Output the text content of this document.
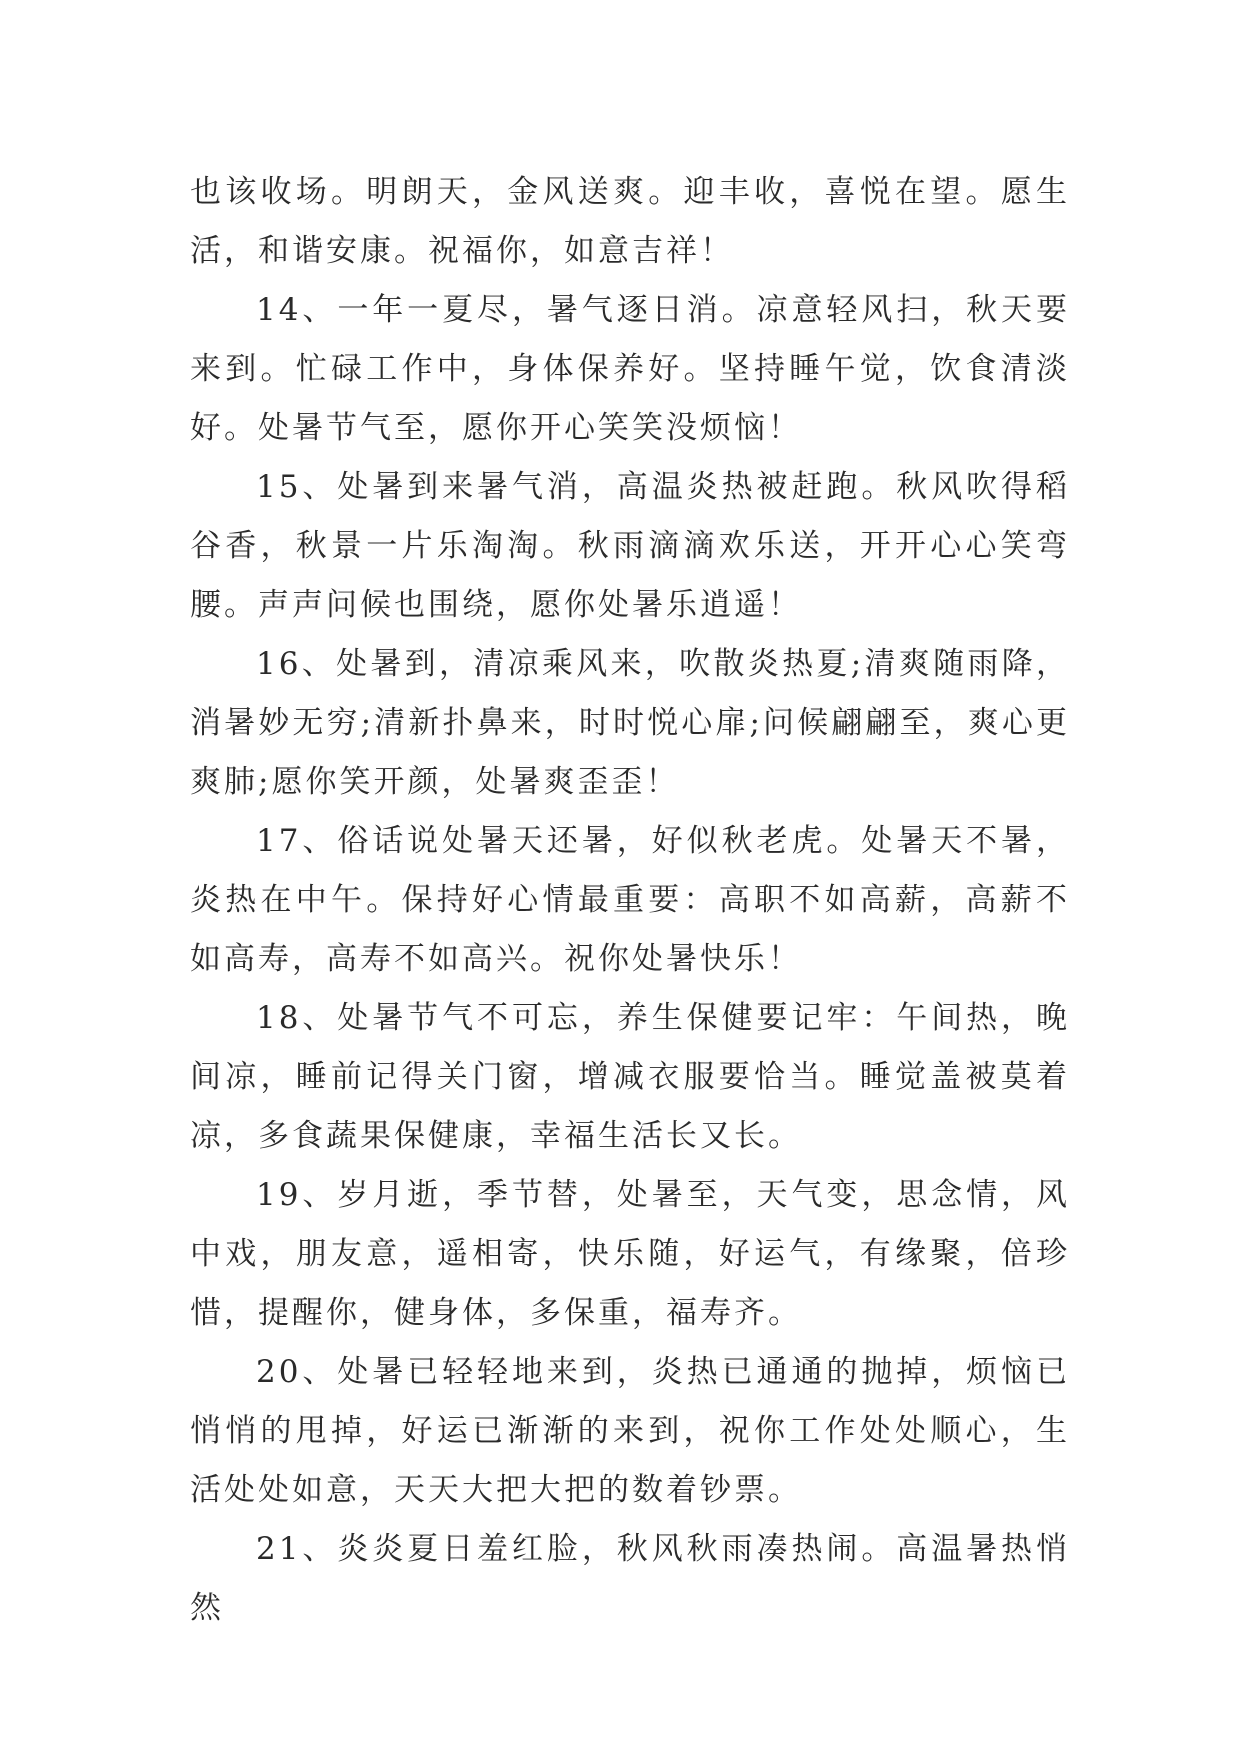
也该收场。明朗天，金风送爽。迎丰收，喜悦在望。愿生活，和谐安康。祝福你，如意吉祥！

14、一年一夏尽，暑气逐日消。凉意轻风扫，秋天要来到。忙碌工作中，身体保养好。坚持睡午觉，饮食清淡好。处暑节气至，愿你开心笑笑没烦恼！

15、处暑到来暑气消，高温炎热被赶跑。秋风吹得稻谷香，秋景一片乐淘淘。秋雨滴滴欢乐送，开开心心笑弯腰。声声问候也围绕，愿你处暑乐逍遥！

16、处暑到，清凉乘风来，吹散炎热夏;清爽随雨降，消暑妙无穷;清新扑鼻来，时时悦心扉;问候翩翩至，爽心更爽肺;愿你笑开颜，处暑爽歪歪！

17、俗话说处暑天还暑，好似秋老虎。处暑天不暑，炎热在中午。保持好心情最重要：高职不如高薪，高薪不如高寿，高寿不如高兴。祝你处暑快乐！

18、处暑节气不可忘，养生保健要记牢：午间热，晚间凉，睡前记得关门窗，增减衣服要恰当。睡觉盖被莫着凉，多食蔬果保健康，幸福生活长又长。

19、岁月逝，季节替，处暑至，天气变，思念情，风中戏，朋友意，遥相寄，快乐随，好运气，有缘聚，倍珍惜，提醒你，健身体，多保重，福寿齐。

20、处暑已轻轻地来到，炎热已通通的抛掉，烦恼已悄悄的甩掉，好运已渐渐的来到，祝你工作处处顺心，生活处处如意，天天大把大把的数着钞票。

21、炎炎夏日羞红脸，秋风秋雨凑热闹。高温暑热悄然
